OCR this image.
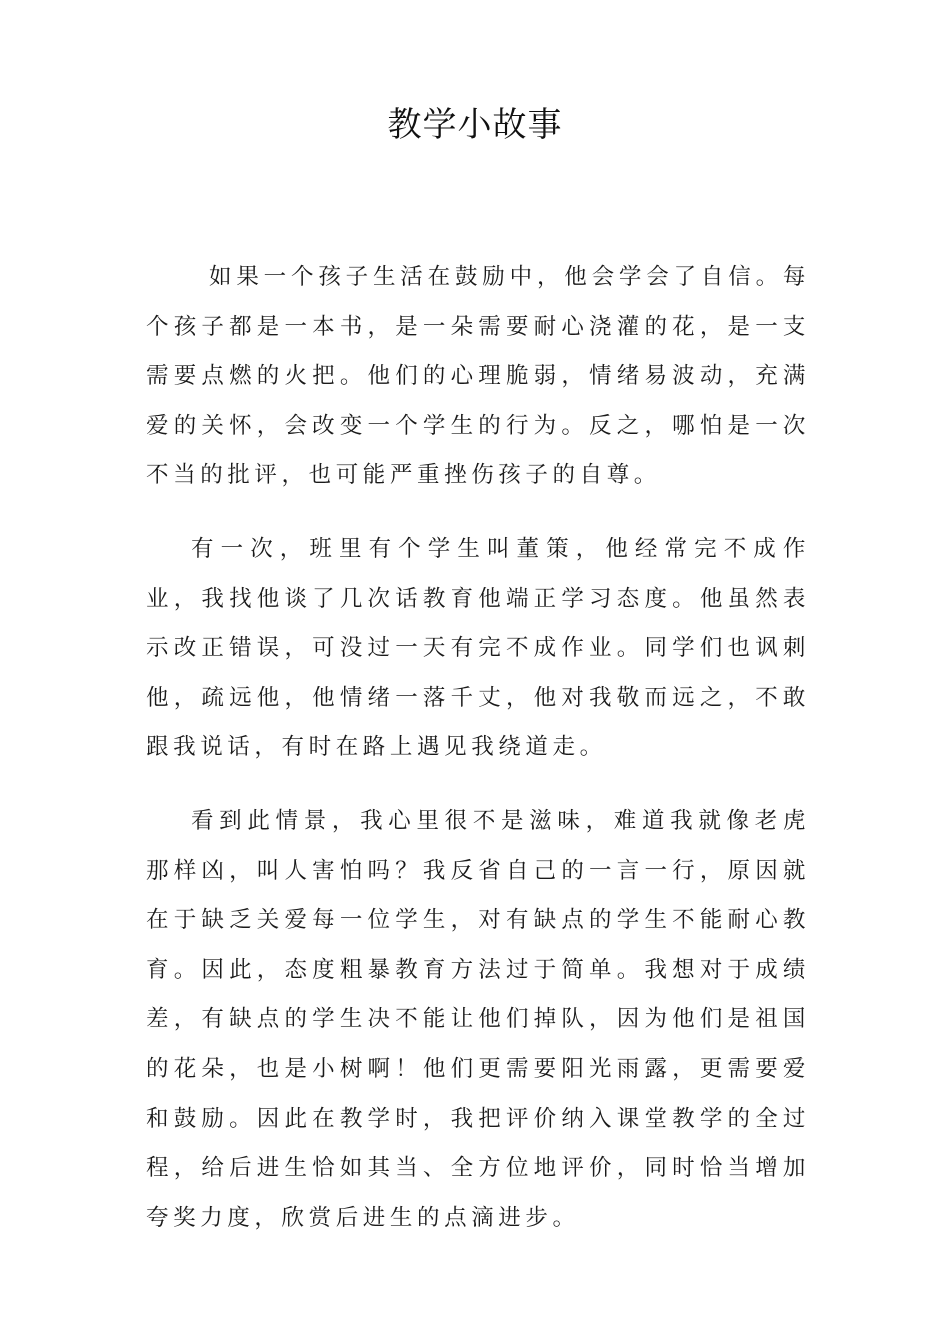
教学小故事

如果一个孩子生活在鼓励中，他会学会了自信。每个孩子都是一本书，是一朵需要耐心浇灌的花，是一支需要点燃的火把。他们的心理脆弱，情绪易波动，充满爱的关怀，会改变一个学生的行为。反之，哪怕是一次不当的批评，也可能严重挫伤孩子的自尊。

有一次，班里有个学生叫董策，他经常完不成作业，我找他谈了几次话教育他端正学习态度。他虽然表示改正错误，可没过一天有完不成作业。同学们也讽刺他，疏远他，他情绪一落千丈，他对我敬而远之，不敢跟我说话，有时在路上遇见我绕道走。

看到此情景，我心里很不是滋味，难道我就像老虎那样凶，叫人害怕吗？我反省自己的一言一行，原因就在于缺乏关爱每一位学生，对有缺点的学生不能耐心教育。因此，态度粗暴教育方法过于简单。我想对于成绩差，有缺点的学生决不能让他们掉队，因为他们是祖国的花朵，也是小树啊！他们更需要阳光雨露，更需要爱和鼓励。因此在教学时，我把评价纳入课堂教学的全过程，给后进生恰如其当、全方位地评价，同时恰当增加夸奖力度，欣赏后进生的点滴进步。
